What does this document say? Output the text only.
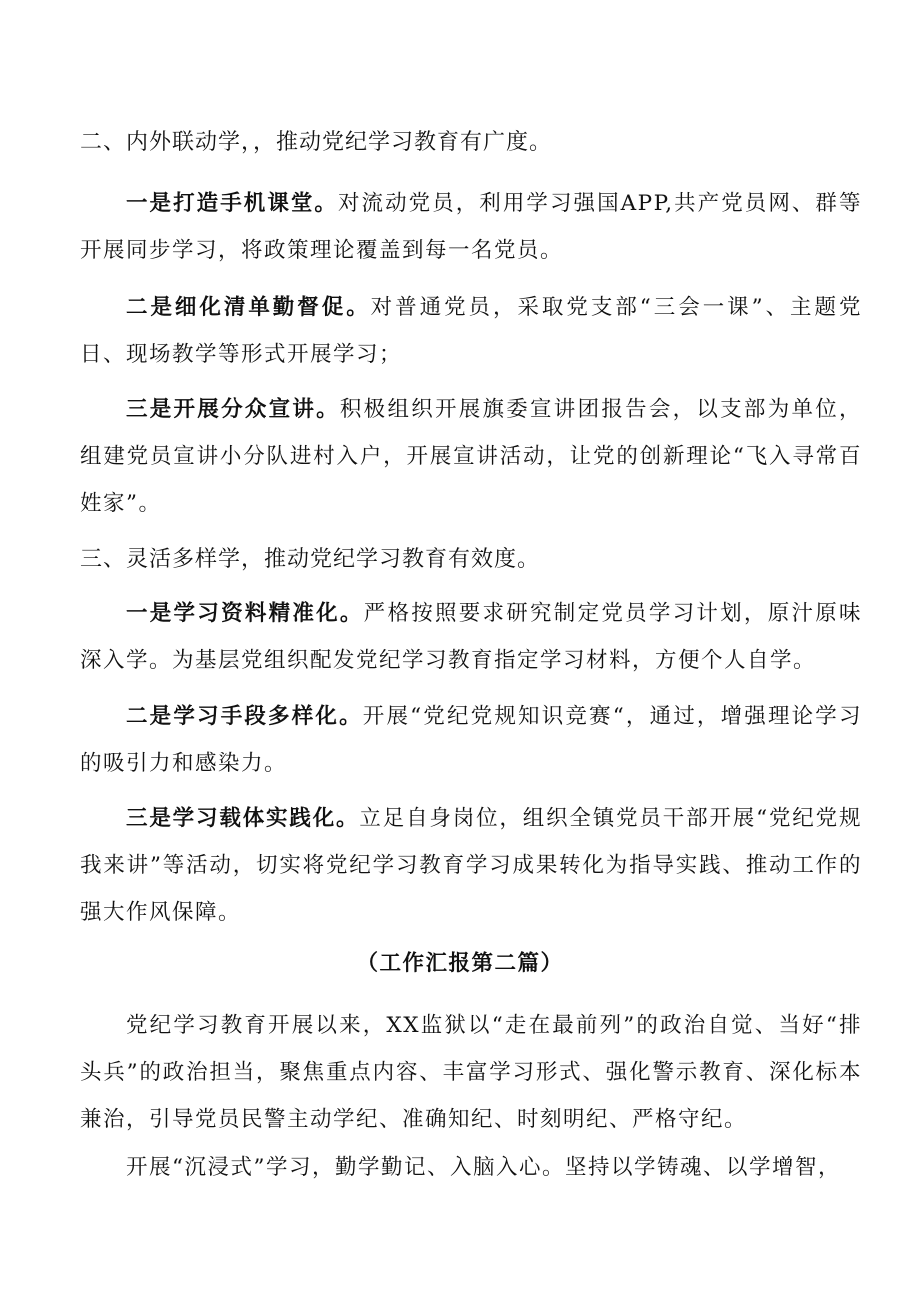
二、内外联动学，，推动党纪学习教育有广度。

一是打造手机课堂。对流动党员，利用学习强国APP,共产党员网、群等开展同步学习，将政策理论覆盖到每一名党员。

二是细化清单勤督促。对普通党员，采取党支部“三会一课”、主题党日、现场教学等形式开展学习；

三是开展分众宣讲。积极组织开展旗委宣讲团报告会，以支部为单位，组建党员宣讲小分队进村入户，开展宣讲活动，让党的创新理论“飞入寻常百姓家”。

三、灵活多样学，推动党纪学习教育有效度。

一是学习资料精准化。严格按照要求研究制定党员学习计划，原汁原味深入学。为基层党组织配发党纪学习教育指定学习材料，方便个人自学。

二是学习手段多样化。开展“党纪党规知识竞赛“，通过，增强理论学习的吸引力和感染力。

三是学习载体实践化。立足自身岗位，组织全镇党员干部开展“党纪党规我来讲”等活动，切实将党纪学习教育学习成果转化为指导实践、推动工作的强大作风保障。

（工作汇报第二篇）

党纪学习教育开展以来，XX监狱以“走在最前列”的政治自觉、当好“排头兵”的政治担当，聚焦重点内容、丰富学习形式、强化警示教育、深化标本兼治，引导党员民警主动学纪、准确知纪、时刻明纪、严格守纪。

开展“沉浸式”学习，勤学勤记、入脑入心。坚持以学铸魂、以学增智，
